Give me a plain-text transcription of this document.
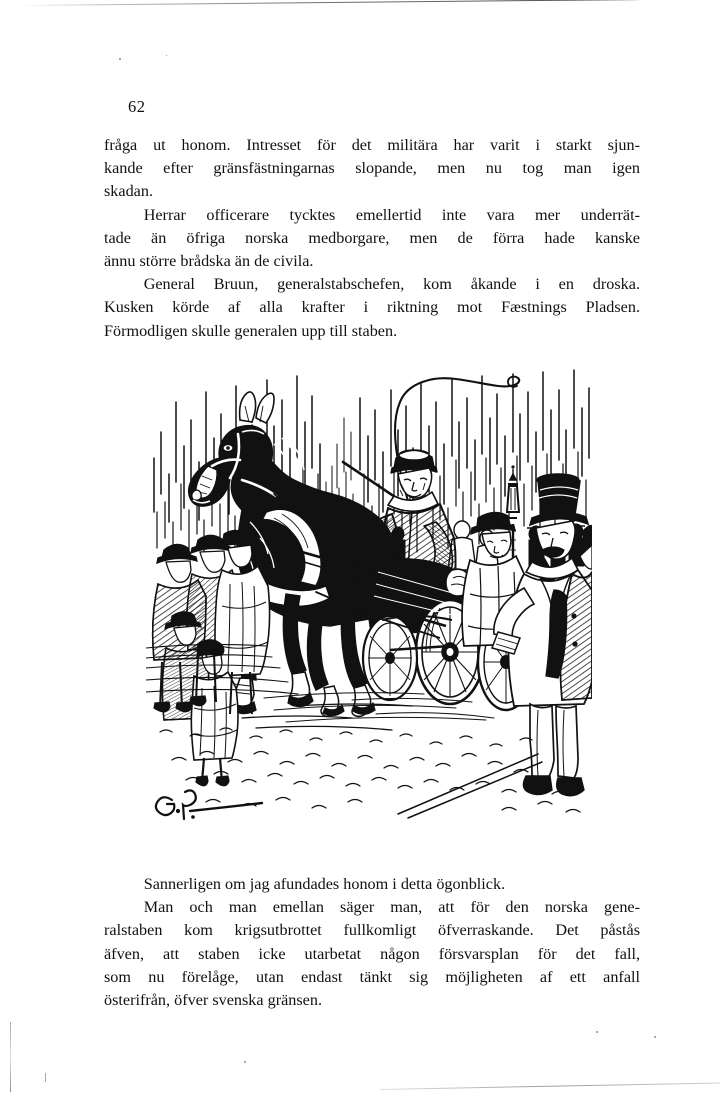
62

fråga ut honom. Intresset för det militära har varit i starkt sjun-
kande efter gränsfästningarnas slopande, men nu tog man igen
skadan.

Herrar officerare tycktes emellertid inte vara mer underrät-
tade än öfriga norska medborgare, men de förra hade kanske
ännu större brådska än de civila.

General Bruun, generalstabschefen, kom åkande i en droska.
Kusken körde af alla krafter i riktning mot Fæstnings Pladsen.
Förmodligen skulle generalen upp till staben.

Sannerligen om jag afundades honom i detta ögonblick.

Man och man emellan säger man, att för den norska gene-
ralstaben kom krigsutbrottet fullkomligt öfverraskande. Det påstås
äfven, att staben icke utarbetat någon försvarsplan för det fall,
som nu förelåge, utan endast tänkt sig möjligheten af ett anfall
österifrån, öfver svenska gränsen.
